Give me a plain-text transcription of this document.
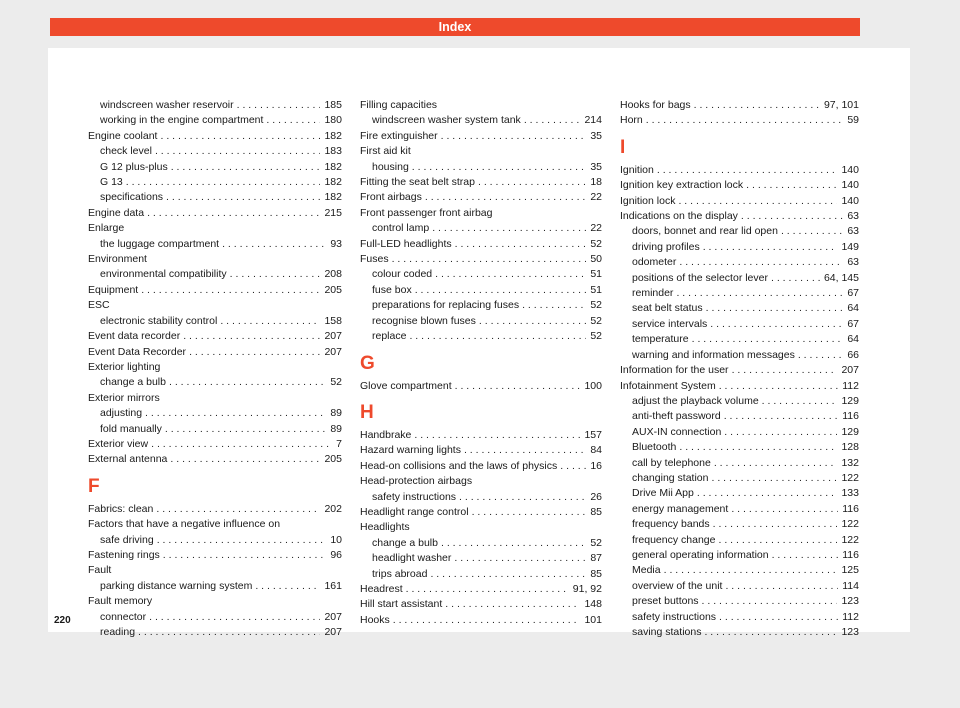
Index
windscreen washer reservoir . . .	185
working in the engine compartment . . .	180
Engine coolant . . .	182
check level . . .	183
G 12 plus-plus . . .	182
G 13 . . .	182
specifications . . .	182
Engine data . . .	215
Enlarge
the luggage compartment . . .	93
Environment
environmental compatibility . . .	208
Equipment . . .	205
ESC
electronic stability control . . .	158
Event data recorder . . .	207
Event Data Recorder . . .	207
Exterior lighting
change a bulb . . .	52
Exterior mirrors
adjusting . . .	89
fold manually . . .	89
Exterior view . . .	7
External antenna . . .	205
F
Fabrics: clean . . .	202
Factors that have a negative influence on
safe driving . . .	10
Fastening rings . . .	96
Fault
parking distance warning system . . .	161
Fault memory
connector . . .	207
reading . . .	207
Filling capacities
windscreen washer system tank . . .	214
Fire extinguisher . . .	35
First aid kit
housing . . .	35
Fitting the seat belt strap . . .	18
Front airbags . . .	22
Front passenger front airbag
control lamp . . .	22
Full-LED headlights . . .	52
Fuses . . .	50
colour coded . . .	51
fuse box . . .	51
preparations for replacing fuses . . .	52
recognise blown fuses . . .	52
replace . . .	52
G
Glove compartment . . .	100
H
Handbrake . . .	157
Hazard warning lights . . .	84
Head-on collisions and the laws of physics . . .	16
Head-protection airbags
safety instructions . . .	26
Headlight range control . . .	85
Headlights
change a bulb . . .	52
headlight washer . . .	87
trips abroad . . .	85
Headrest . . .	91, 92
Hill start assistant . . .	148
Hooks . . .	101
Hooks for bags . . .	97, 101
Horn . . .	59
I
Ignition . . .	140
Ignition key extraction lock . . .	140
Ignition lock . . .	140
Indications on the display . . .	63
doors, bonnet and rear lid open . . .	63
driving profiles . . .	149
odometer . . .	63
positions of the selector lever . . .	64, 145
reminder . . .	67
seat belt status . . .	64
service intervals . . .	67
temperature . . .	64
warning and information messages . . .	66
Information for the user . . .	207
Infotainment System . . .	112
adjust the playback volume . . .	129
anti-theft password . . .	116
AUX-IN connection . . .	129
Bluetooth . . .	128
call by telephone . . .	132
changing station . . .	122
Drive Mii App . . .	133
energy management . . .	116
frequency bands . . .	122
frequency change . . .	122
general operating information . . .	116
Media . . .	125
overview of the unit . . .	114
preset buttons . . .	123
safety instructions . . .	112
saving stations . . .	123
220
